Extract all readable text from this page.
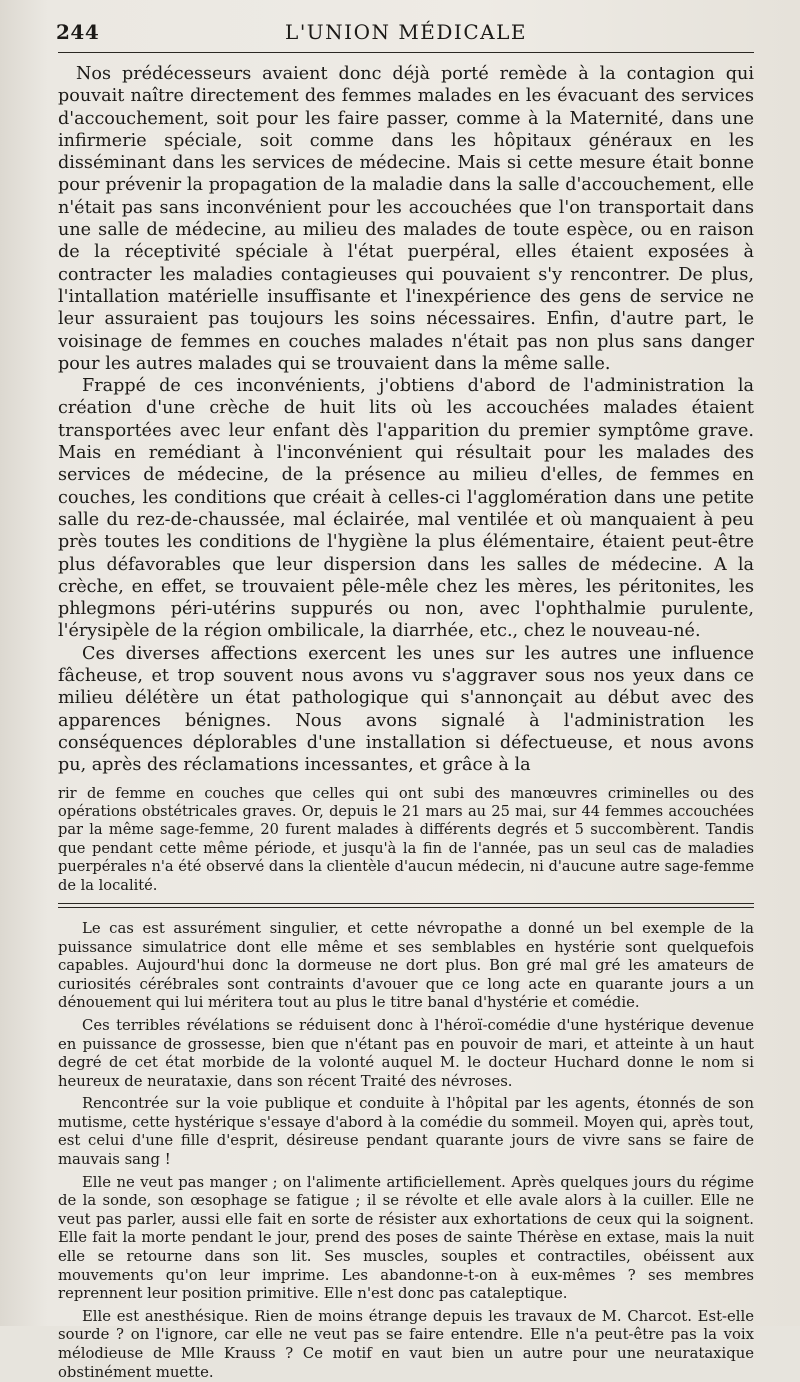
244	L'UNION MÉDICALE

Nos prédécesseurs avaient donc déjà porté remède à la contagion qui pouvait naître directement des femmes malades en les évacuant des services d'accouchement, soit pour les faire passer, comme à la Maternité, dans une infirmerie spéciale, soit comme dans les hôpitaux généraux en les disséminant dans les services de médecine. Mais si cette mesure était bonne pour prévenir la propagation de la maladie dans la salle d'accouchement, elle n'était pas sans inconvénient pour les accouchées que l'on transportait dans une salle de médecine, au milieu des malades de toute espèce, ou en raison de la réceptivité spéciale à l'état puerpéral, elles étaient exposées à contracter les maladies contagieuses qui pouvaient s'y rencontrer. De plus, l'intallation matérielle insuffisante et l'inexpérience des gens de service ne leur assuraient pas toujours les soins nécessaires. Enfin, d'autre part, le voisinage de femmes en couches malades n'était pas non plus sans danger pour les autres malades qui se trouvaient dans la même salle.

Frappé de ces inconvénients, j'obtiens d'abord de l'administration la création d'une crèche de huit lits où les accouchées malades étaient transportées avec leur enfant dès l'apparition du premier symptôme grave. Mais en remédiant à l'inconvénient qui résultait pour les malades des services de médecine, de la présence au milieu d'elles, de femmes en couches, les conditions que créait à celles-ci l'agglomération dans une petite salle du rez-de-chaussée, mal éclairée, mal ventilée et où manquaient à peu près toutes les conditions de l'hygiène la plus élémentaire, étaient peut-être plus défavorables que leur dispersion dans les salles de médecine. A la crèche, en effet, se trouvaient pêle-mêle chez les mères, les péritonites, les phlegmons péri-utérins suppurés ou non, avec l'ophthalmie purulente, l'érysipèle de la région ombilicale, la diarrhée, etc., chez le nouveau-né.

Ces diverses affections exercent les unes sur les autres une influence fâcheuse, et trop souvent nous avons vu s'aggraver sous nos yeux dans ce milieu délétère un état pathologique qui s'annonçait au début avec des apparences bénignes. Nous avons signalé à l'administration les conséquences déplorables d'une installation si défectueuse, et nous avons pu, après des réclamations incessantes, et grâce à la

rir de femme en couches que celles qui ont subi des manœuvres criminelles ou des opérations obstétricales graves. Or, depuis le 21 mars au 25 mai, sur 44 femmes accouchées par la même sage-femme, 20 furent malades à différents degrés et 5 succombèrent. Tandis que pendant cette même période, et jusqu'à la fin de l'année, pas un seul cas de maladies puerpérales n'a été observé dans la clientèle d'aucun médecin, ni d'aucune autre sage-femme de la localité.

Le cas est assurément singulier, et cette névropathe a donné un bel exemple de la puissance simulatrice dont elle même et ses semblables en hystérie sont quelquefois capables. Aujourd'hui donc la dormeuse ne dort plus. Bon gré mal gré les amateurs de curiosités cérébrales sont contraints d'avouer que ce long acte en quarante jours a un dénouement qui lui méritera tout au plus le titre banal d'hystérie et comédie.

Ces terribles révélations se réduisent donc à l'héroï-comédie d'une hystérique devenue en puissance de grossesse, bien que n'étant pas en pouvoir de mari, et atteinte à un haut degré de cet état morbide de la volonté auquel M. le docteur Huchard donne le nom si heureux de neurataxie, dans son récent Traité des névroses.

Rencontrée sur la voie publique et conduite à l'hôpital par les agents, étonnés de son mutisme, cette hystérique s'essaye d'abord à la comédie du sommeil. Moyen qui, après tout, est celui d'une fille d'esprit, désireuse pendant quarante jours de vivre sans se faire de mauvais sang !

Elle ne veut pas manger ; on l'alimente artificiellement. Après quelques jours du régime de la sonde, son œsophage se fatigue ; il se révolte et elle avale alors à la cuiller. Elle ne veut pas parler, aussi elle fait en sorte de résister aux exhortations de ceux qui la soignent. Elle fait la morte pendant le jour, prend des poses de sainte Thérèse en extase, mais la nuit elle se retourne dans son lit. Ses muscles, souples et contractiles, obéissent aux mouvements qu'on leur imprime. Les abandonne-t-on à eux-mêmes ? ses membres reprennent leur position primitive. Elle n'est donc pas cataleptique.

Elle est anesthésique. Rien de moins étrange depuis les travaux de M. Charcot. Est-elle sourde ? on l'ignore, car elle ne veut pas se faire entendre. Elle n'a peut-être pas la voix mélodieuse de Mlle Krauss ? Ce motif en vaut bien un autre pour une neurataxique obstinément muette.
